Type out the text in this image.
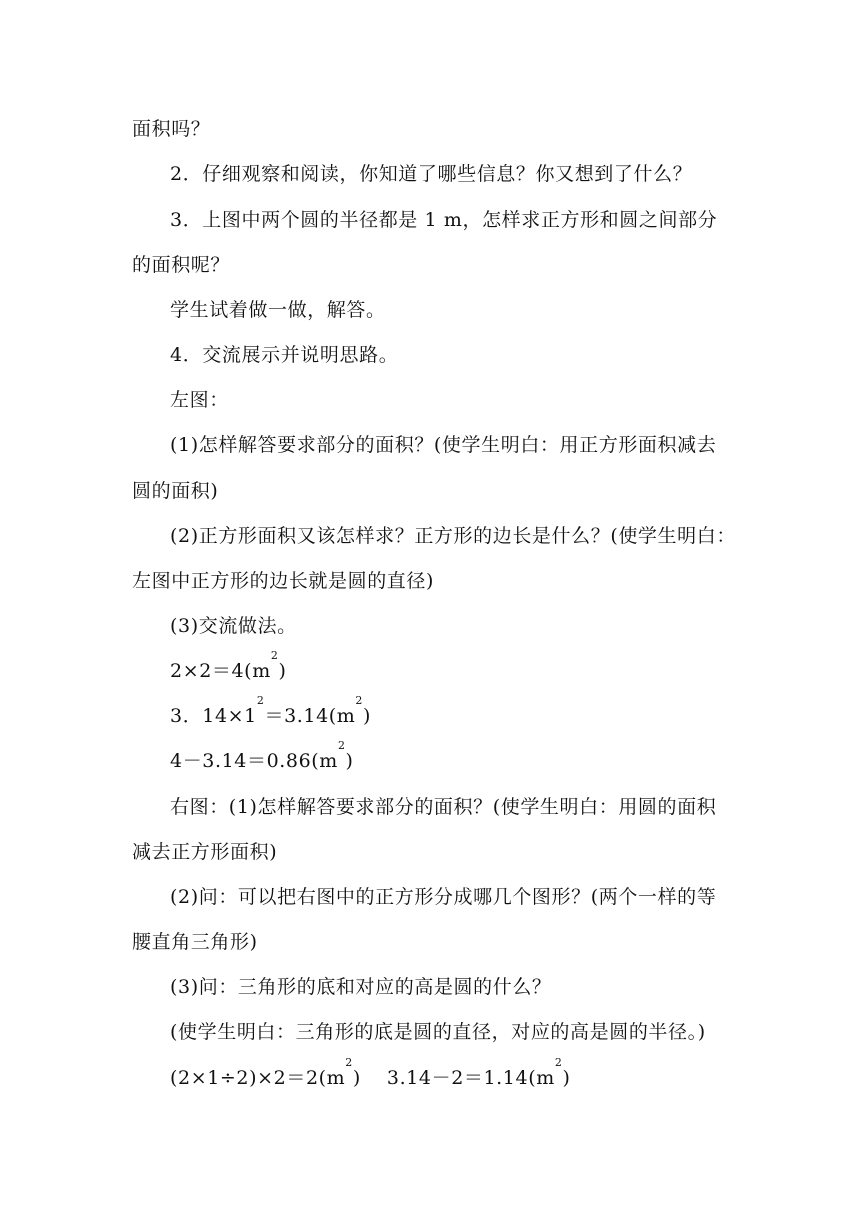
面积吗？
2．仔细观察和阅读，你知道了哪些信息？你又想到了什么？
3．上图中两个圆的半径都是 1 m，怎样求正方形和圆之间部分
的面积呢？
学生试着做一做，解答。
4．交流展示并说明思路。
左图：
(1)怎样解答要求部分的面积？(使学生明白：用正方形面积减去
圆的面积)
(2)正方形面积又该怎样求？正方形的边长是什么？(使学生明白：
左图中正方形的边长就是圆的直径)
(3)交流做法。
$2\times 2=4(m^2)$
3．$14\times 1^2=3.14(m^2)$
$4-3.14=0.86(m^2)$
右图：(1)怎样解答要求部分的面积？(使学生明白：用圆的面积
减去正方形面积)
(2)问：可以把右图中的正方形分成哪几个图形？(两个一样的等
腰直角三角形)
(3)问：三角形的底和对应的高是圆的什么？
(使学生明白：三角形的底是圆的直径，对应的高是圆的半径。)
$(2\times 1\div 2)\times 2=2(m^2)$ $3.14-2=1.14(m^2)$
